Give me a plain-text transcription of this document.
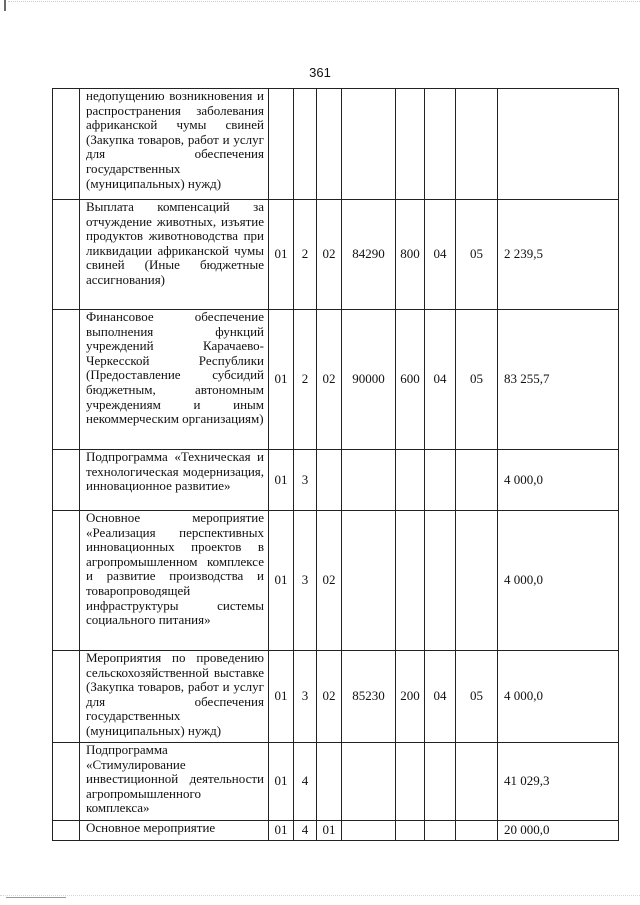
361
	недопущению возникновения и распространения заболевания африканской чумы свиней (Закупка товаров, работ и услуг для обеспечения государственных (муниципальных) нужд)								
	Выплата компенсаций за отчуждение животных, изъятие продуктов животноводства при ликвидации африканской чумы свиней (Иные бюджетные ассигнования)	01	2	02	84290	800	04	05	2 239,5
	Финансовое обеспечение выполнения функций учреждений Карачаево-Черкесской Республики (Предоставление субсидий бюджетным, автономным учреждениям и иным некоммерческим организациям)	01	2	02	90000	600	04	05	83 255,7
	Подпрограмма «Техническая и технологическая модернизация, инновационное развитие»	01	3						4 000,0
	Основное мероприятие «Реализация перспективных инновационных проектов в агропромышленном комплексе и развитие производства и товаропроводящей инфраструктуры системы социального питания»	01	3	02					4 000,0
	Мероприятия по проведению сельскохозяйственной выставке (Закупка товаров, работ и услуг для обеспечения государственных (муниципальных) нужд)	01	3	02	85230	200	04	05	4 000,0
	Подпрограмма «Стимулирование инвестиционной деятельности агропромышленного комплекса»	01	4						41 029,3
	Основное мероприятие	01	4	01					20 000,0
